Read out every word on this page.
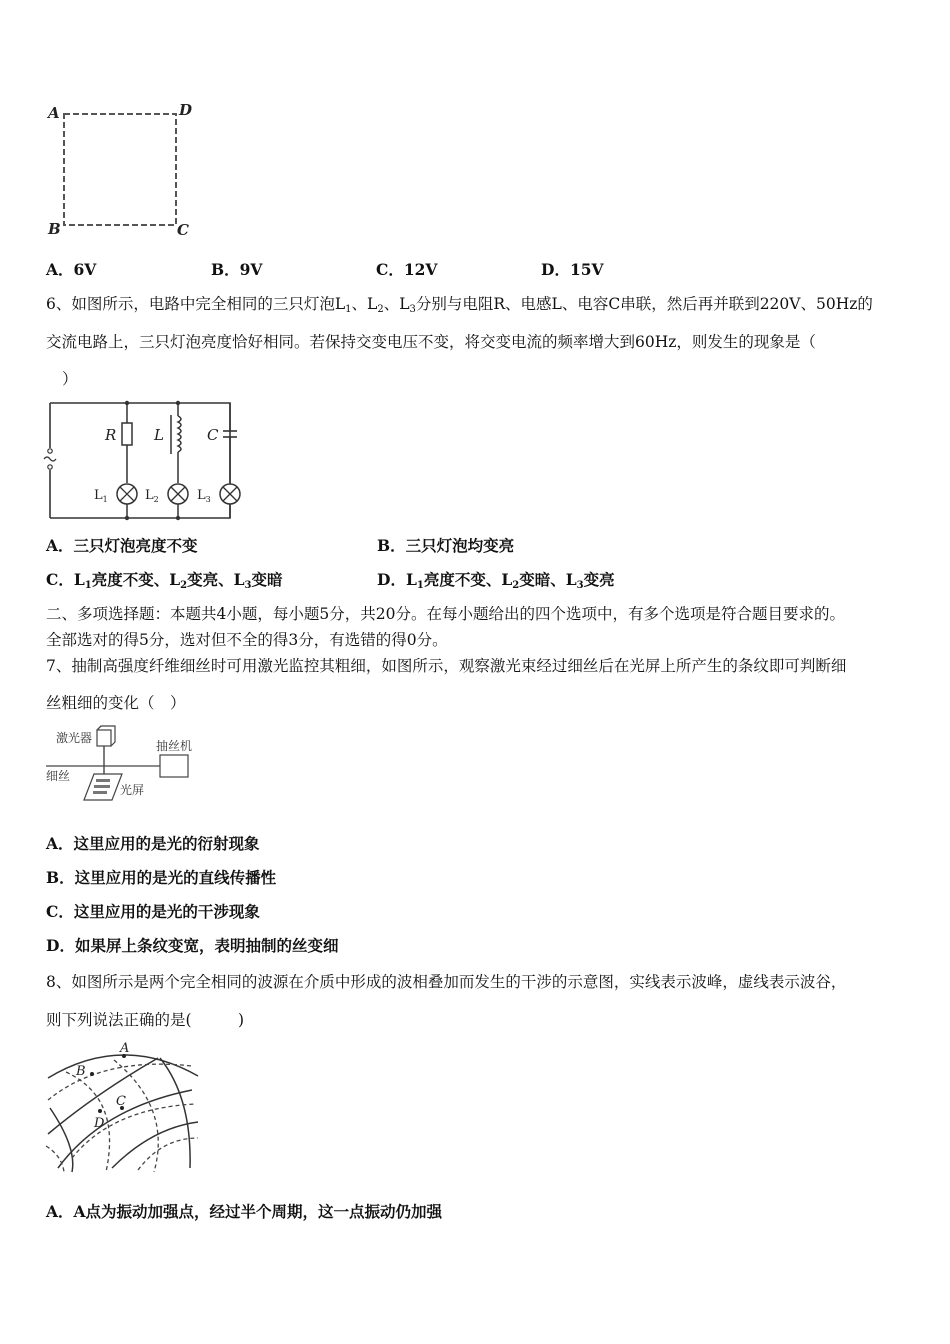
A	D
B	C
A．6V	B．9V	C．12V	D．15V
6、如图所示，电路中完全相同的三只灯泡$L_1$、$L_2$、$L_3$分别与电阻R、电感L、电容C串联，然后再并联到220V、50Hz的
交流电路上，三只灯泡亮度恰好相同。若保持交变电压不变，将交变电流的频率增大到60Hz，则发生的现象是（
）
R	L	C
$L_1$	$L_2$	$L_3$
A．三只灯泡亮度不变	B．三只灯泡均变亮
C．$L_1$亮度不变、$L_2$变亮、$L_3$变暗	D．$L_1$亮度不变、$L_2$变暗、$L_3$变亮
二、多项选择题：本题共4小题，每小题5分，共20分。在每小题给出的四个选项中，有多个选项是符合题目要求的。
全部选对的得5分，选对但不全的得3分，有选错的得0分。
7、抽制高强度纤维细丝时可用激光监控其粗细，如图所示，观察激光束经过细丝后在光屏上所产生的条纹即可判断细
丝粗细的变化（　）
激光器
抽丝机
细丝
光屏
A．这里应用的是光的衍射现象
B．这里应用的是光的直线传播性
C．这里应用的是光的干涉现象
D．如果屏上条纹变宽，表明抽制的丝变细
8、如图所示是两个完全相同的波源在介质中形成的波相叠加而发生的干涉的示意图，实线表示波峰，虚线表示波谷，
则下列说法正确的是(　　　)
A
B
C
D
A．A点为振动加强点，经过半个周期，这一点振动仍加强
